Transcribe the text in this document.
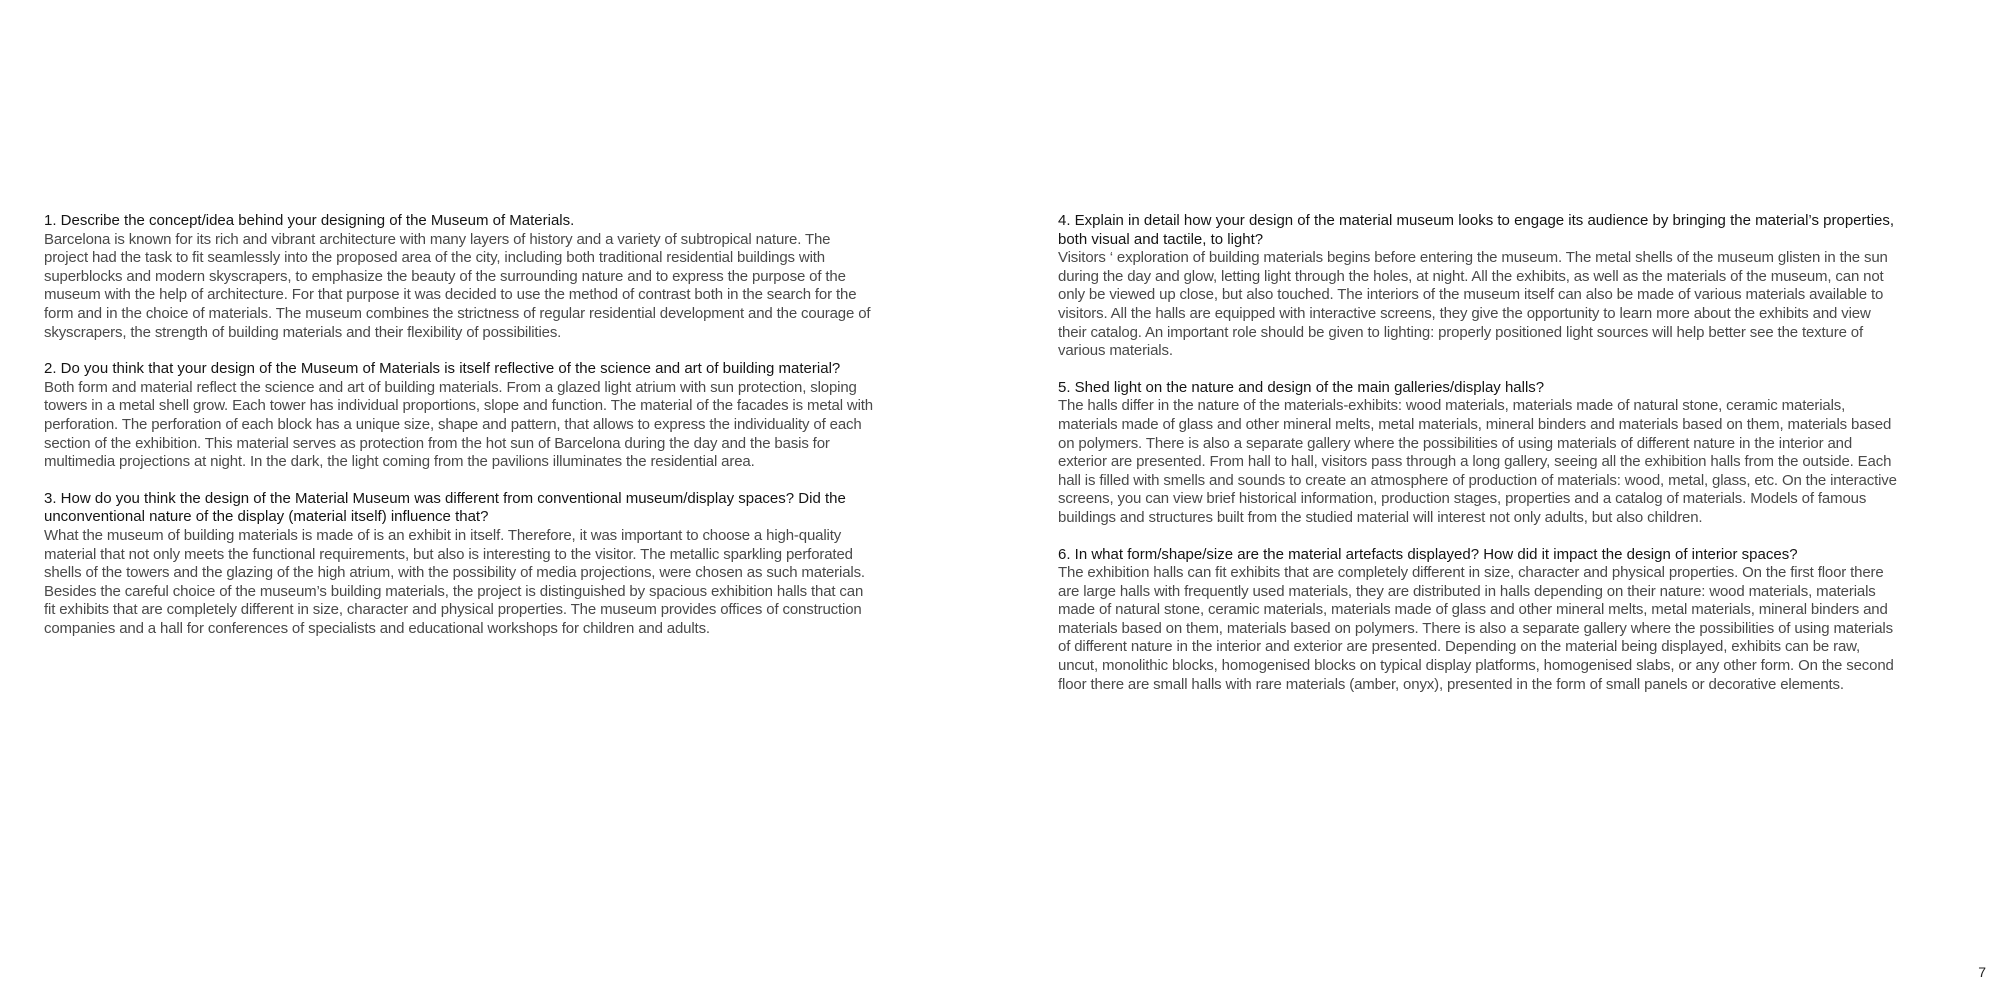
1. Describe the concept/idea behind your designing of the Museum of Materials.

Barcelona is known for its rich and vibrant architecture with many layers of history and a variety of subtropical nature. The project had the task to fit seamlessly into the proposed area of the city, including both traditional residential buildings with superblocks and modern skyscrapers, to emphasize the beauty of the surrounding nature and to express the purpose of the museum with the help of architecture. For that purpose it was decided to use the method of contrast both in the search for the form and in the choice of materials. The museum combines the strictness of regular residential development and the courage of skyscrapers, the strength of building materials and their flexibility of possibilities.

2. Do you think that your design of the Museum of Materials is itself reflective of the science and art of building material?

Both form and material reflect the science and art of building materials. From a glazed light atrium with sun protection, sloping towers in a metal shell grow. Each tower has individual proportions, slope and function. The material of the facades is metal with perforation. The perforation of each block has a unique size, shape and pattern, that allows to express the individuality of each section of the exhibition. This material serves as protection from the hot sun of Barcelona during the day and the basis for multimedia projections at night. In the dark, the light coming from the pavilions illuminates the residential area.

3. How do you think the design of the Material Museum was different from conventional museum/display spaces? Did the unconventional nature of the display (material itself) influence that?

What the museum of building materials is made of is an exhibit in itself. Therefore, it was important to choose a high-quality material that not only meets the functional requirements, but also is interesting to the visitor. The metallic sparkling perforated shells of the towers and the glazing of the high atrium, with the possibility of media projections, were chosen as such materials. Besides the careful choice of the museum’s building materials, the project is distinguished by spacious exhibition halls that can fit exhibits that are completely different in size, character and physical properties. The museum provides offices of construction companies and a hall for conferences of specialists and educational workshops for children and adults.

4. Explain in detail how your design of the material museum looks to engage its audience by bringing the material’s properties, both visual and tactile, to light?

Visitors ‘ exploration of building materials begins before entering the museum. The metal shells of the museum glisten in the sun during the day and glow, letting light through the holes, at night. All the exhibits, as well as the materials of the museum, can not only be viewed up close, but also touched. The interiors of the museum itself can also be made of various materials available to visitors. All the halls are equipped with interactive screens, they give the opportunity to learn more about the exhibits and view their catalog. An important role should be given to lighting: properly positioned light sources will help better see the texture of various materials.

5. Shed light on the nature and design of the main galleries/display halls?

The halls differ in the nature of the materials-exhibits: wood materials, materials made of natural stone, ceramic materials, materials made of glass and other mineral melts, metal materials, mineral binders and materials based on them, materials based on polymers. There is also a separate gallery where the possibilities of using materials of different nature in the interior and exterior are presented. From hall to hall, visitors pass through a long gallery, seeing all the exhibition halls from the outside. Each hall is filled with smells and sounds to create an atmosphere of production of materials: wood, metal, glass, etc. On the interactive screens, you can view brief historical information, production stages, properties and a catalog of materials. Models of famous buildings and structures built from the studied material will interest not only adults, but also children.

6. In what form/shape/size are the material artefacts displayed? How did it impact the design of interior spaces?

The exhibition halls can fit exhibits that are completely different in size, character and physical properties. On the first floor there are large halls with frequently used materials, they are distributed in halls depending on their nature: wood materials, materials made of natural stone, ceramic materials, materials made of glass and other mineral melts, metal materials, mineral binders and materials based on them, materials based on polymers. There is also a separate gallery where the possibilities of using materials of different nature in the interior and exterior are presented. Depending on the material being displayed, exhibits can be raw, uncut, monolithic blocks, homogenised blocks on typical display platforms, homogenised slabs, or any other form. On the second floor there are small halls with rare materials (amber, onyx), presented in the form of small panels or decorative elements.

7
